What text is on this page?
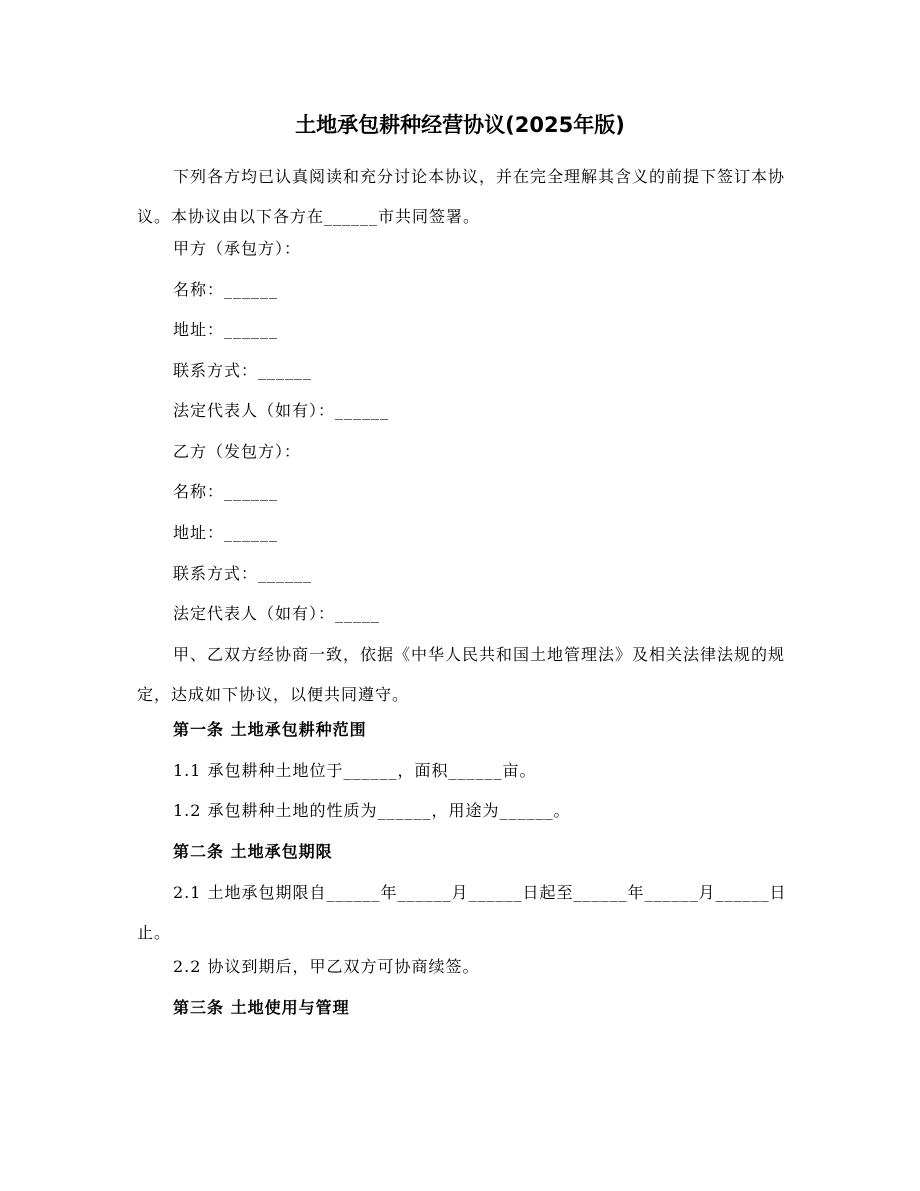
土地承包耕种经营协议(2025年版)
下列各方均已认真阅读和充分讨论本协议，并在完全理解其含义的前提下签订本协议。本协议由以下各方在______市共同签署。
甲方（承包方）：
名称：______
地址：______
联系方式：______
法定代表人（如有）：______
乙方（发包方）：
名称：______
地址：______
联系方式：______
法定代表人（如有）：_____
甲、乙双方经协商一致，依据《中华人民共和国土地管理法》及相关法律法规的规定，达成如下协议，以便共同遵守。
第一条 土地承包耕种范围
1.1 承包耕种土地位于______，面积______亩。
1.2 承包耕种土地的性质为______，用途为______。
第二条 土地承包期限
2.1 土地承包期限自______年______月______日起至______年______月______日止。
2.2 协议到期后，甲乙双方可协商续签。
第三条 土地使用与管理
